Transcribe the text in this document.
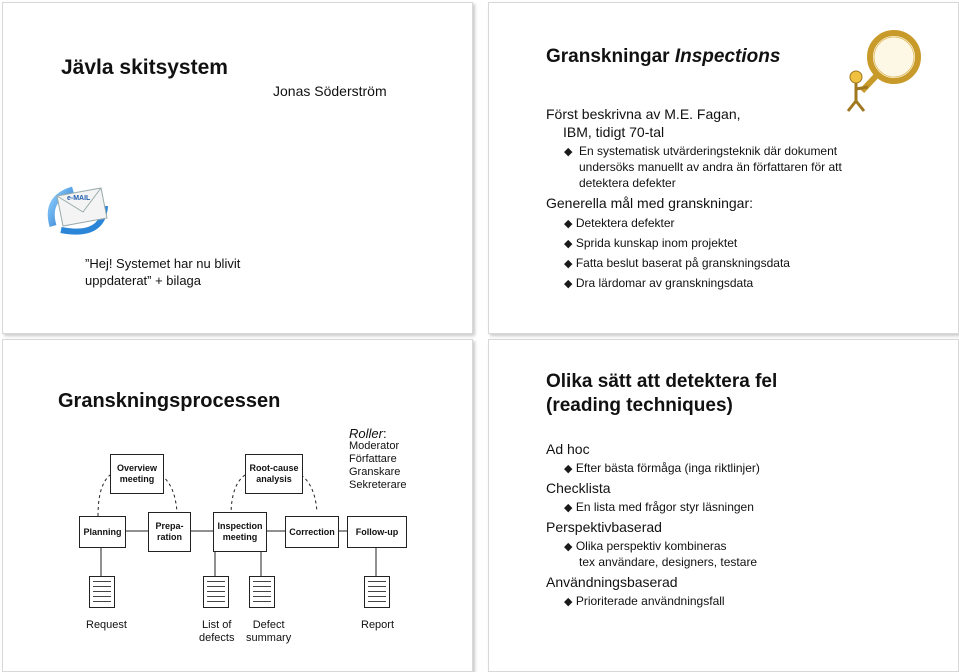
Jävla skitsystem
Jonas Söderström
e-MAIL
”Hej! Systemet har nu blivit
uppdaterat” + bilaga
Granskningar Inspections
Först beskrivna av M.E. Fagan,
IBM, tidigt 70-tal
◆ En systematisk utvärderingsteknik där dokument
undersöks manuellt av andra än författaren för att
detektera defekter
Generella mål med granskningar:
◆ Detektera defekter
◆ Sprida kunskap inom projektet
◆ Fatta beslut baserat på granskningsdata
◆ Dra lärdomar av granskningsdata
Granskningsprocessen
Overview meeting
Root-cause analysis
Planning
Prepa-
ration
Inspection meeting
Correction	Follow-up
Roller:
Moderator
Författare
Granskare
Sekreterare
Request	List of
defects
Defect
summary
Report
Olika sätt att detektera fel
(reading techniques)
Ad hoc
◆ Efter bästa förmåga (inga riktlinjer)
Checklista
◆ En lista med frågor styr läsningen
Perspektivbaserad
◆ Olika perspektiv kombineras
tex användare, designers, testare
Användningsbaserad
◆ Prioriterade användningsfall
